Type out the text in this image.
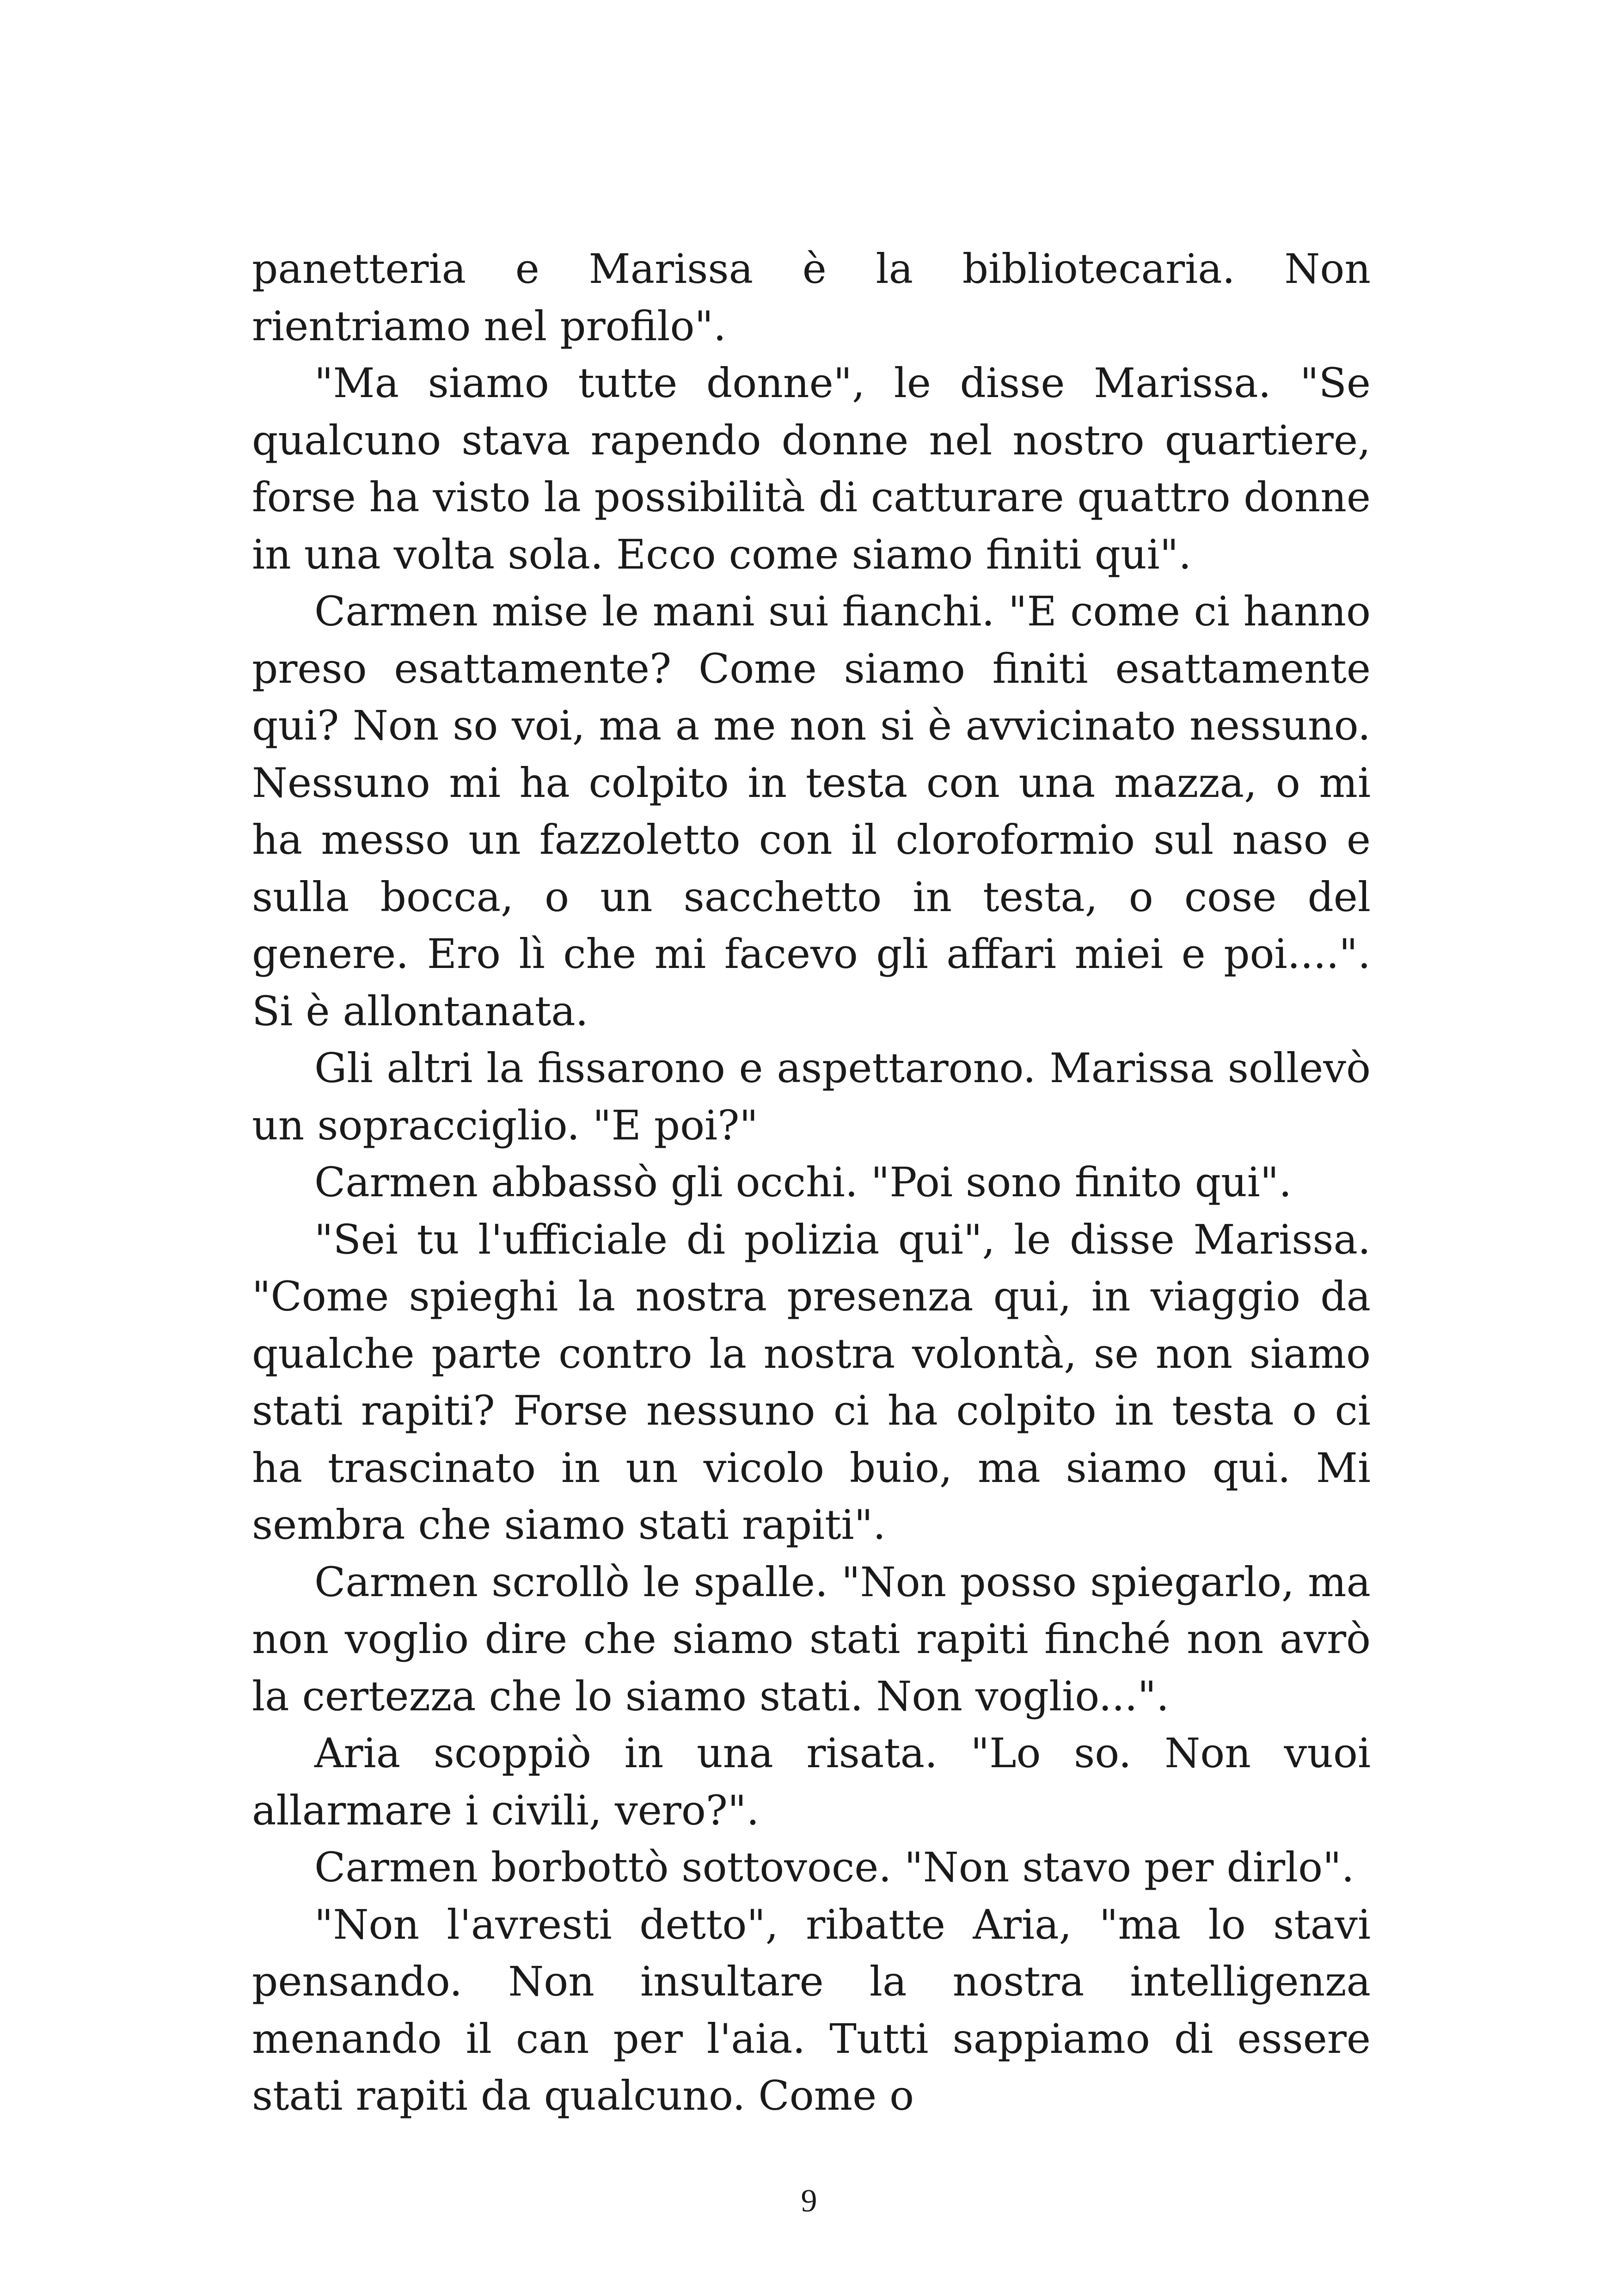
panetteria e Marissa è la bibliotecaria. Non rientriamo nel profilo".

"Ma siamo tutte donne", le disse Marissa. "Se qualcuno stava rapendo donne nel nostro quartiere, forse ha visto la possibilità di catturare quattro donne in una volta sola. Ecco come siamo finiti qui".

Carmen mise le mani sui fianchi. "E come ci hanno preso esattamente? Come siamo finiti esattamente qui? Non so voi, ma a me non si è avvicinato nessuno. Nessuno mi ha colpito in testa con una mazza, o mi ha messo un fazzoletto con il cloroformio sul naso e sulla bocca, o un sacchetto in testa, o cose del genere. Ero lì che mi facevo gli affari miei e poi....". Si è allontanata.

Gli altri la fissarono e aspettarono. Marissa sollevò un sopracciglio. "E poi?"

Carmen abbassò gli occhi. "Poi sono finito qui".

"Sei tu l'ufficiale di polizia qui", le disse Marissa. "Come spieghi la nostra presenza qui, in viaggio da qualche parte contro la nostra volontà, se non siamo stati rapiti? Forse nessuno ci ha colpito in testa o ci ha trascinato in un vicolo buio, ma siamo qui. Mi sembra che siamo stati rapiti".

Carmen scrollò le spalle. "Non posso spiegarlo, ma non voglio dire che siamo stati rapiti finché non avrò la certezza che lo siamo stati. Non voglio...".

Aria scoppiò in una risata. "Lo so. Non vuoi allarmare i civili, vero?".

Carmen borbottò sottovoce. "Non stavo per dirlo".

"Non l'avresti detto", ribatte Aria, "ma lo stavi pensando. Non insultare la nostra intelligenza menando il can per l'aia. Tutti sappiamo di essere stati rapiti da qualcuno. Come o

9
